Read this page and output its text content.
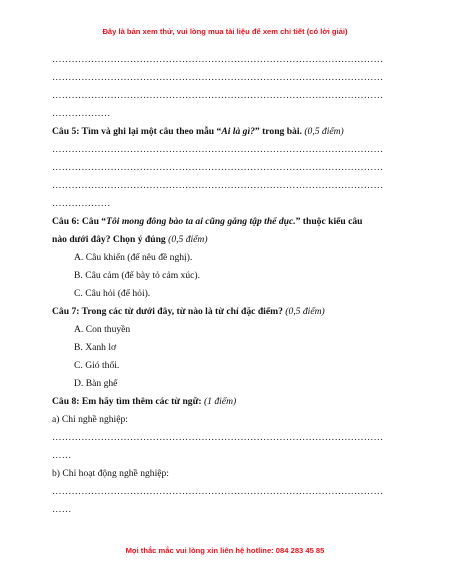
Đây là bản xem thử, vui lòng mua tài liệu để xem chi tiết (có lời giải)
…………………………………………………………………………………………
…………………………………………………………………………………………
…………………………………………………………………………………………
………………
Câu 5: Tìm và ghi lại một câu theo mẫu “Ai là gì?” trong bài. (0,5 điểm)
…………………………………………………………………………………………
…………………………………………………………………………………………
…………………………………………………………………………………………
………………
Câu 6: Câu “Tôi mong đông bào ta ai cũng gắng tập thể dục.” thuộc kiểu câu
nào dưới đây? Chọn ý đúng (0,5 điểm)
A. Câu khiến (để nêu đề nghị).
B. Câu cảm (để bày tỏ cảm xúc).
C. Câu hỏi (để hỏi).
Câu 7: Trong các từ dưới đây, từ nào là từ chỉ đặc điểm? (0,5 điểm)
A. Con thuyền
B. Xanh lơ
C. Gió thổi.
D. Bàn ghế
Câu 8: Em hãy tìm thêm các từ ngữ: (1 điểm)
a) Chỉ nghề nghiệp:
…………………………………………………………………………………………
……
b) Chỉ hoạt động nghề nghiệp:
…………………………………………………………………………………………
……
Mọi thắc mắc vui lòng xin liên hệ hotline: 084 283 45 85
